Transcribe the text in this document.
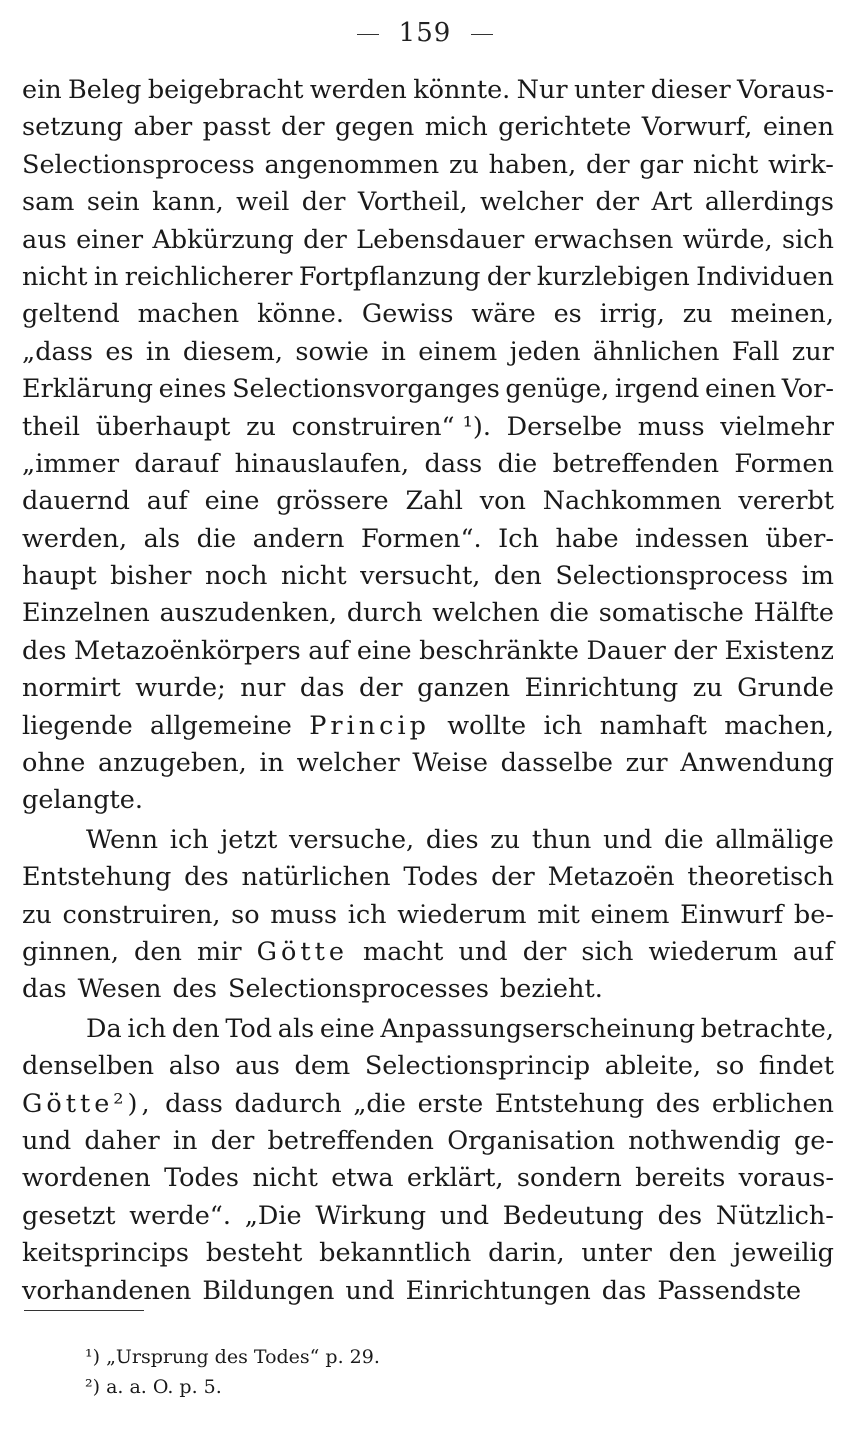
159
ein Beleg beigebracht werden könnte. Nur unter dieser Voraus-
setzung aber passt der gegen mich gerichtete Vorwurf, einen
Selectionsprocess angenommen zu haben, der gar nicht wirk-
sam sein kann, weil der Vortheil, welcher der Art allerdings
aus einer Abkürzung der Lebensdauer erwachsen würde, sich
nicht in reichlicherer Fortpflanzung der kurzlebigen Individuen
geltend machen könne. Gewiss wäre es irrig, zu meinen,
„dass es in diesem, sowie in einem jeden ähnlichen Fall zur
Erklärung eines Selectionsvorganges genüge, irgend einen Vor-
theil überhaupt zu construiren“ ¹). Derselbe muss vielmehr
„immer darauf hinauslaufen, dass die betreffenden Formen
dauernd auf eine grössere Zahl von Nachkommen vererbt
werden, als die andern Formen“. Ich habe indessen über-
haupt bisher noch nicht versucht, den Selectionsprocess im
Einzelnen auszudenken, durch welchen die somatische Hälfte
des Metazoënkörpers auf eine beschränkte Dauer der Existenz
normirt wurde; nur das der ganzen Einrichtung zu Grunde
liegende allgemeine Princip wollte ich namhaft machen,
ohne anzugeben, in welcher Weise dasselbe zur Anwendung
gelangte.
Wenn ich jetzt versuche, dies zu thun und die allmälige
Entstehung des natürlichen Todes der Metazoën theoretisch
zu construiren, so muss ich wiederum mit einem Einwurf be-
ginnen, den mir Götte macht und der sich wiederum auf
das Wesen des Selectionsprocesses bezieht.
Da ich den Tod als eine Anpassungserscheinung betrachte,
denselben also aus dem Selectionsprincip ableite, so findet
Götte²), dass dadurch „die erste Entstehung des erblichen
und daher in der betreffenden Organisation nothwendig ge-
wordenen Todes nicht etwa erklärt, sondern bereits voraus-
gesetzt werde“. „Die Wirkung und Bedeutung des Nützlich-
keitsprincips besteht bekanntlich darin, unter den jeweilig
vorhandenen Bildungen und Einrichtungen das Passendste
¹) „Ursprung des Todes“ p. 29.
²) a. a. O. p. 5.
